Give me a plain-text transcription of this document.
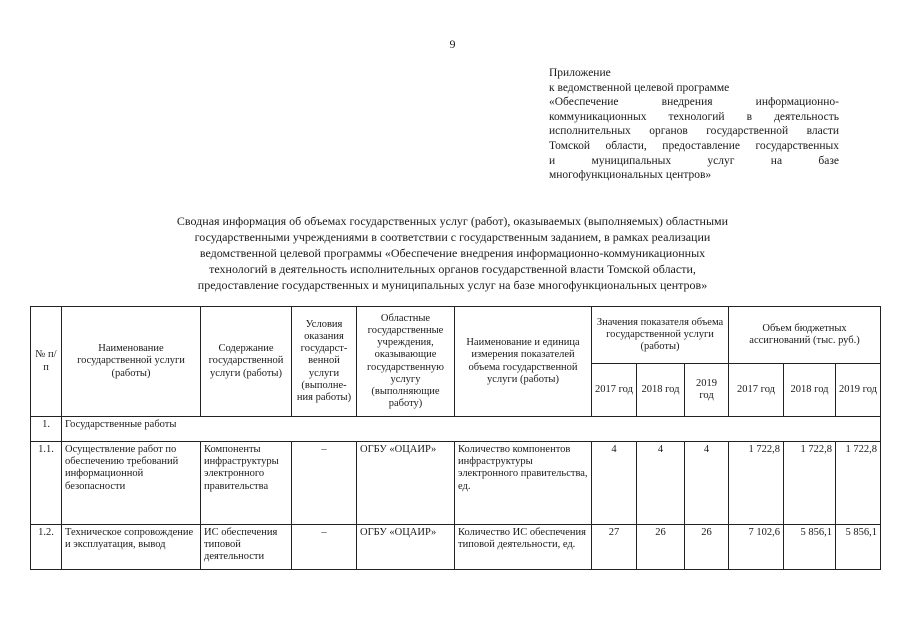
9
Приложение
к ведомственной целевой программе
«Обеспечение внедрения информационно-
коммуникационных технологий в деятельность
исполнительных органов государственной власти
Томской области, предоставление государственных
и муниципальных услуг на базе
многофункциональных центров»
Сводная информация об объемах государственных услуг (работ), оказываемых (выполняемых) областными
государственными учреждениями в соответствии с государственным заданием, в рамках реализации
ведомственной целевой программы «Обеспечение внедрения информационно-коммуникационных
технологий в деятельность исполнительных органов государственной власти Томской области,
предоставление государственных и муниципальных услуг на базе многофункциональных центров»
№ п/п	Наименование государственной услуги (работы)	Содержание государственной услуги (работы)	Условия оказания государст- венной услуги (выполне- ния работы)	Областные государственные учреждения, оказывающие государственную услугу (выполняющие работу)	Наименование и единица измерения показателей объема государственной услуги (работы)	Значения показателя объема государственной услуги (работы)			Объем бюджетных ассигнований (тыс. руб.)		
						2017 год	2018 год	2019 год	2017 год	2018 год	2019 год
1.	Государственные работы										
1.1.	Осуществление работ по обеспечению требований информационной безопасности	Компоненты инфраструктуры электронного правительства	–	ОГБУ «ОЦАИР»	Количество компонентов инфраструктуры электронного правительства, ед.	4	4	4	1 722,8	1 722,8	1 722,8
1.2.	Техническое сопровождение и эксплуатация, вывод	ИС обеспечения типовой деятельности	–	ОГБУ «ОЦАИР»	Количество ИС обеспечения типовой деятельности, ед.	27	26	26	7 102,6	5 856,1	5 856,1
